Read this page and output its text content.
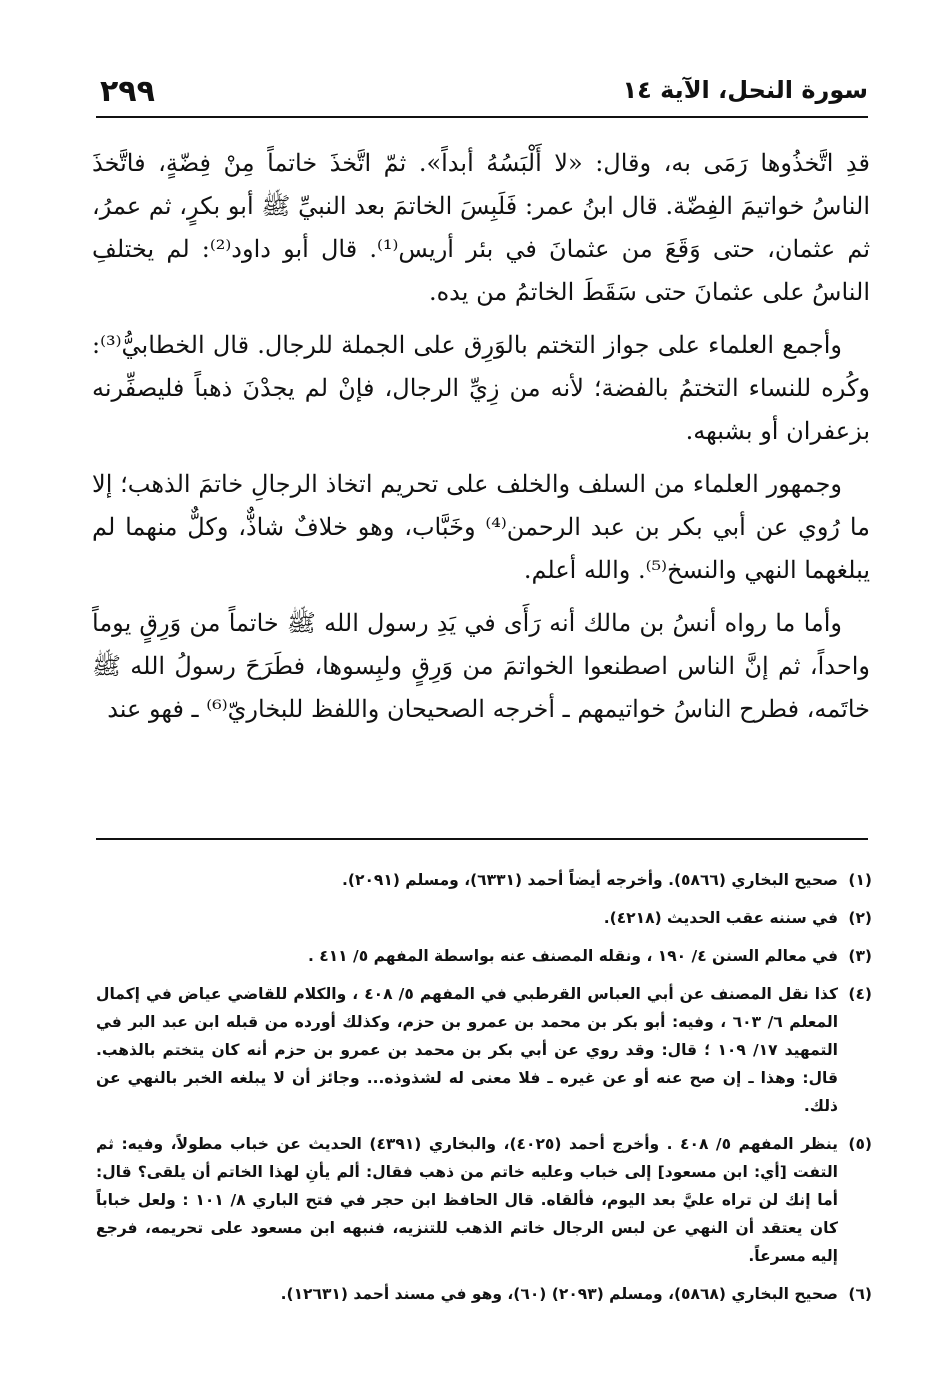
سورة النحل، الآية ١٤
٢٩٩

قدِ اتَّخذُوها رَمَى به، وقال: «لا أَلْبَسُهُ أبداً». ثمّ اتَّخذَ خاتماً مِنْ فِضّةٍ، فاتَّخذَ الناسُ خواتيمَ الفِضّة. قال ابنُ عمر: فَلَبِسَ الخاتمَ بعد النبيِّ ﷺ أبو بكرٍ، ثم عمرُ، ثم عثمان، حتى وَقَعَ من عثمانَ في بئر أريس⁽¹⁾. قال أبو داود⁽²⁾: لم يختلفِ الناسُ على عثمانَ حتى سَقَطَ الخاتمُ من يده.

وأجمع العلماء على جواز التختم بالوَرِق على الجملة للرجال. قال الخطابيُّ⁽³⁾: وكُره للنساء التختمُ بالفضة؛ لأنه من زِيِّ الرجال، فإنْ لم يجدْنَ ذهباً فليصفِّرنه بزعفران أو بشبهه.

وجمهور العلماء من السلف والخلف على تحريم اتخاذ الرجالِ خاتمَ الذهب؛ إلا ما رُوي عن أبي بكر بن عبد الرحمن⁽⁴⁾ وخَبَّاب، وهو خلافٌ شاذٌّ، وكلٌّ منهما لم يبلغهما النهي والنسخ⁽⁵⁾. والله أعلم.

وأما ما رواه أنسُ بن مالك أنه رَأَى في يَدِ رسول الله ﷺ خاتماً من وَرِقٍ يوماً واحداً، ثم إنَّ الناس اصطنعوا الخواتمَ من وَرِقٍ ولبِسوها، فطَرَحَ رسولُ الله ﷺ خاتَمه، فطرح الناسُ خواتيمهم ـ أخرجه الصحيحان واللفظ للبخاريّ⁽⁶⁾ ـ فهو عند

(١)
صحيح البخاري (٥٨٦٦). وأخرجه أيضاً أحمد (٦٣٣١)، ومسلم (٢٠٩١).
(٢)
في سننه عقب الحديث (٤٢١٨).
(٣)
في معالم السنن ٤/ ١٩٠ ، ونقله المصنف عنه بواسطة المفهم ٥/ ٤١١ .
(٤)
كذا نقل المصنف عن أبي العباس القرطبي في المفهم ٥/ ٤٠٨ ، والكلام للقاضي عياض في إكمال المعلم ٦/ ٦٠٣ ، وفيه: أبو بكر بن محمد بن عمرو بن حزم، وكذلك أورده من قبله ابن عبد البر في التمهيد ١٧/ ١٠٩ ؛ قال: وقد روي عن أبي بكر بن محمد بن عمرو بن حزم أنه كان يتختم بالذهب. قال: وهذا ـ إن صح عنه أو عن غيره ـ فلا معنى له لشذوذه... وجائز أن لا يبلغه الخبر بالنهي عن ذلك.
(٥)
ينظر المفهم ٥/ ٤٠٨ . وأخرج أحمد (٤٠٢٥)، والبخاري (٤٣٩١) الحديث عن خباب مطولاً، وفيه: ثم التفت [أي: ابن مسعود] إلى خباب وعليه خاتم من ذهب فقال: ألم يأنِ لهذا الخاتم أن يلقى؟ قال: أما إنك لن تراه عليَّ بعد اليوم، فألقاه. قال الحافظ ابن حجر في فتح الباري ٨/ ١٠١ : ولعل خباباً كان يعتقد أن النهي عن لبس الرجال خاتم الذهب للتنزيه، فنبهه ابن مسعود على تحريمه، فرجع إليه مسرعاً.
(٦)
صحيح البخاري (٥٨٦٨)، ومسلم (٢٠٩٣) (٦٠)، وهو في مسند أحمد (١٢٦٣١).
